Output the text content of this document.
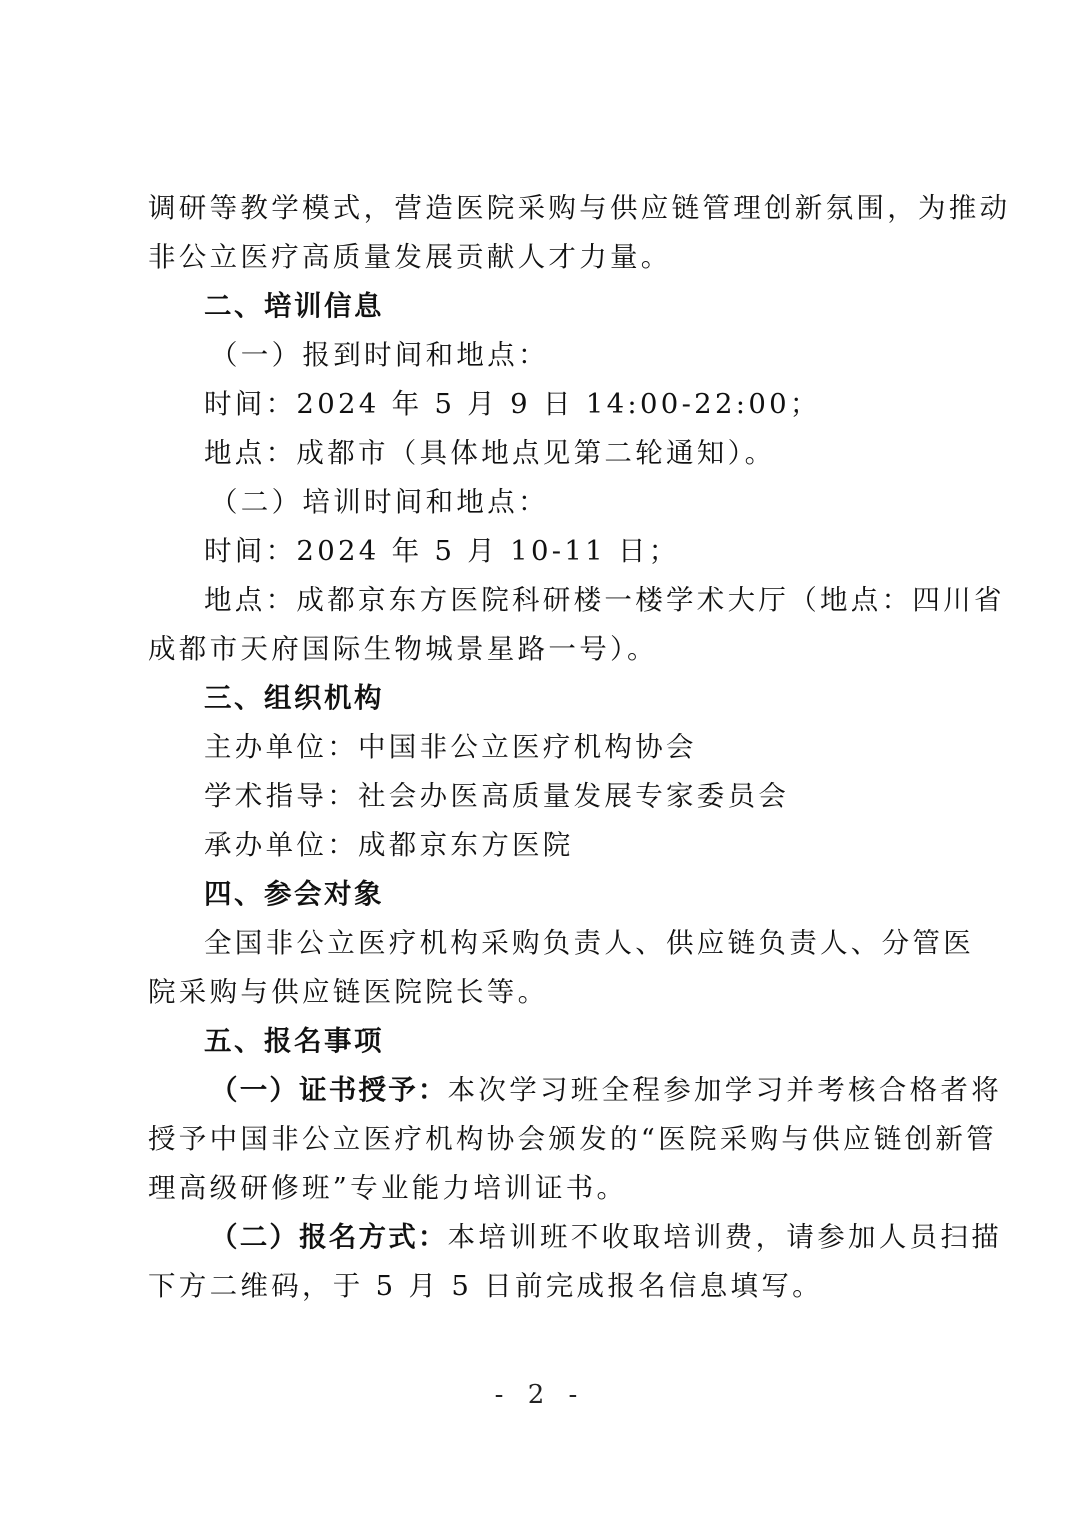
调研等教学模式，营造医院采购与供应链管理创新氛围，为推动
非公立医疗高质量发展贡献人才力量。
二、培训信息
（一）报到时间和地点：
时间：2024 年 5 月 9 日 14:00-22:00；
地点：成都市（具体地点见第二轮通知）。
（二）培训时间和地点：
时间：2024 年 5 月 10-11 日；
地点：成都京东方医院科研楼一楼学术大厅（地点：四川省
成都市天府国际生物城景星路一号）。
三、组织机构
主办单位：中国非公立医疗机构协会
学术指导：社会办医高质量发展专家委员会
承办单位：成都京东方医院
四、参会对象
全国非公立医疗机构采购负责人、供应链负责人、分管医
院采购与供应链医院院长等。
五、报名事项
（一）证书授予：本次学习班全程参加学习并考核合格者将
授予中国非公立医疗机构协会颁发的“医院采购与供应链创新管
理高级研修班”专业能力培训证书。
（二）报名方式：本培训班不收取培训费，请参加人员扫描
下方二维码，于 5 月 5 日前完成报名信息填写。
- 2 -
